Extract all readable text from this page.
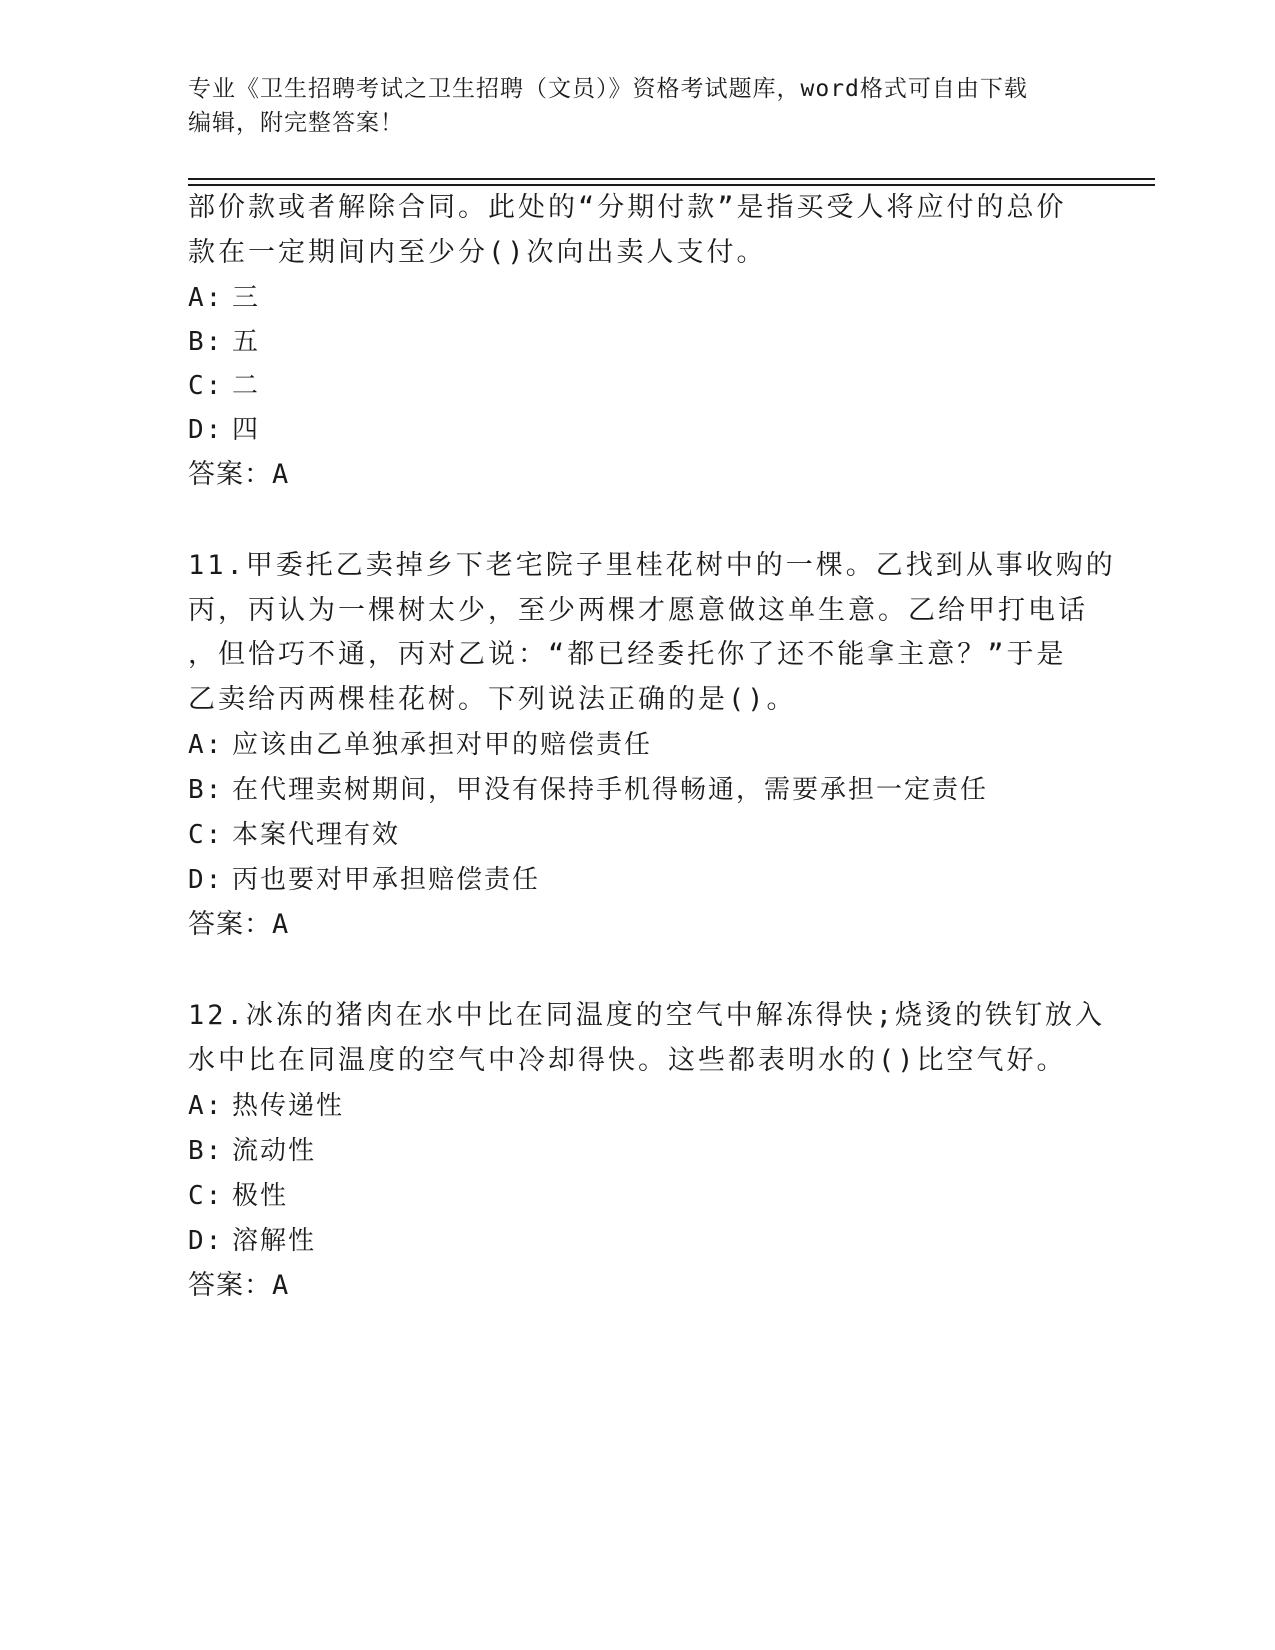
专业《卫生招聘考试之卫生招聘（文员）》资格考试题库，word格式可自由下载
编辑，附完整答案！
部价款或者解除合同。此处的“分期付款”是指买受人将应付的总价
款在一定期间内至少分()次向出卖人支付。
A: 三
B: 五
C: 二
D: 四
答案：A
11.甲委托乙卖掉乡下老宅院子里桂花树中的一棵。乙找到从事收购的
丙，丙认为一棵树太少，至少两棵才愿意做这单生意。乙给甲打电话
，但恰巧不通，丙对乙说：“都已经委托你了还不能拿主意？”于是
乙卖给丙两棵桂花树。下列说法正确的是()。
A: 应该由乙单独承担对甲的赔偿责任
B: 在代理卖树期间，甲没有保持手机得畅通，需要承担一定责任
C: 本案代理有效
D: 丙也要对甲承担赔偿责任
答案：A
12.冰冻的猪肉在水中比在同温度的空气中解冻得快;烧烫的铁钉放入
水中比在同温度的空气中冷却得快。这些都表明水的()比空气好。
A: 热传递性
B: 流动性
C: 极性
D: 溶解性
答案：A
